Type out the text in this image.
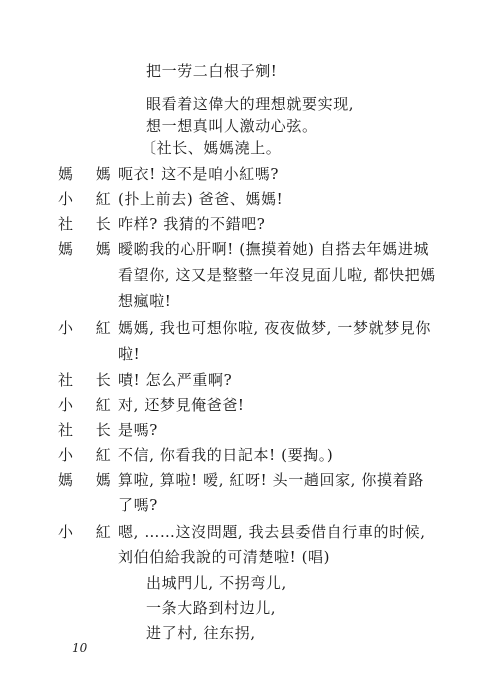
把一劳二白根子剜!
眼看着这偉大的理想就要实现,
想一想真叫人激动心弦。
〔社长、媽媽澆上。
媽 媽
呃衣! 这不是咱小紅嗎?
小 紅
(扑上前去) 爸爸、媽媽!
社 长
咋样? 我猜的不錯吧?
媽 媽
曖喲我的心肝啊! (撫摸着她) 自搭去年媽进城
看望你, 这又是整整一年沒見面儿啦, 都快把媽
想瘋啦!
小 紅
媽媽, 我也可想你啦, 夜夜做梦, 一梦就梦見你
啦!
社 长
嘖! 怎么严重啊?
小 紅
对, 还梦見俺爸爸!
社 长
是嗎?
小 紅
不信, 你看我的日記本! (要掏。)
媽 媽
算啦, 算啦! 嗳, 紅呀! 头一趟回家, 你摸着路
了嗎?
小 紅
嗯, ……这沒問題, 我去县委借自行車的时候,
刘伯伯給我說的可清楚啦! (唱)
出城門儿, 不拐弯儿,
一条大路到村边儿,
进了村, 往东拐,
10
